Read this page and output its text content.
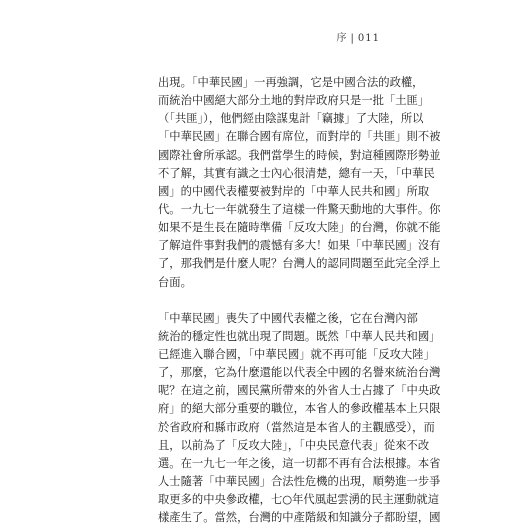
序 | 011
出現。「中華民國」一再強調，它是中國合法的政權，
而統治中國絕大部分土地的對岸政府只是一批「土匪」
（「共匪」），他們經由陰謀鬼計「竊據」了大陸，所以
「中華民國」在聯合國有席位，而對岸的「共匪」則不被
國際社會所承認。我們當學生的時候，對這種國際形勢並
不了解，其實有識之士內心很清楚，總有一天，「中華民
國」的中國代表權要被對岸的「中華人民共和國」所取
代。一九七一年就發生了這樣一件驚天動地的大事件。你
如果不是生長在隨時準備「反攻大陸」的台灣，你就不能
了解這件事對我們的震憾有多大！如果「中華民國」沒有
了，那我們是什麼人呢？台灣人的認同問題至此完全浮上
台面。
「中華民國」喪失了中國代表權之後，它在台灣內部
統治的穩定性也就出現了問題。既然「中華人民共和國」
已經進入聯合國，「中華民國」就不再可能「反攻大陸」
了，那麼，它為什麼還能以代表全中國的名譽來統治台灣
呢？在這之前，國民黨所帶來的外省人士占據了「中央政
府」的絕大部分重要的職位，本省人的參政權基本上只限
於省政府和縣市政府（當然這是本省人的主觀感受），而
且，以前為了「反攻大陸」，「中央民意代表」從來不改
選。在一九七一年之後，這一切都不再有合法根據。本省
人士隨著「中華民國」合法性危機的出現，順勢進一步爭
取更多的中央參政權，七○年代風起雲湧的民主運動就這
樣產生了。當然，台灣的中產階級和知識分子都盼望，國
